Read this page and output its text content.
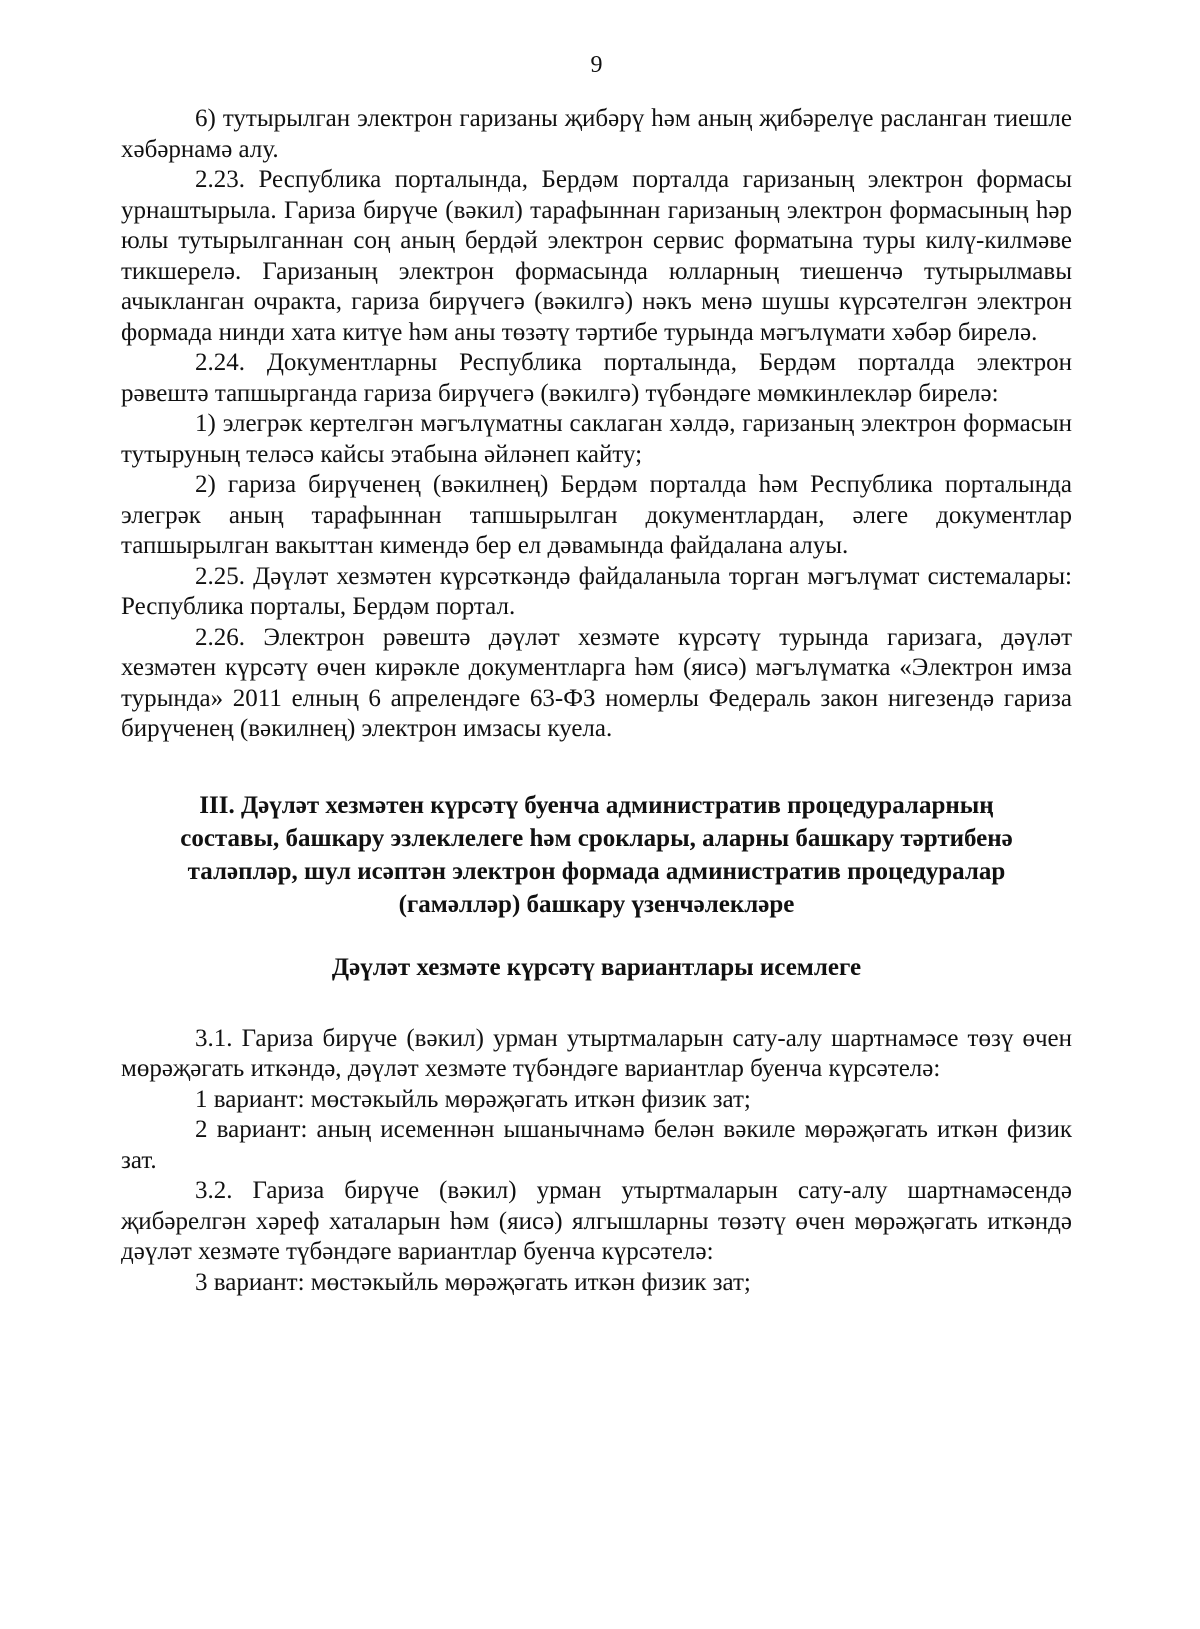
9

6) тутырылган электрон гаризаны җибәрү һәм аның җибәрелүе расланган тиешле хәбәрнамә алу.

2.23. Республика порталында, Бердәм порталда гаризаның электрон формасы урнаштырыла. Гариза бирүче (вәкил) тарафыннан гаризаның электрон формасының һәр юлы тутырылганнан соң аның бердәй электрон сервис форматына туры килү-килмәве тикшерелә. Гаризаның электрон формасында юлларның тиешенчә тутырылмавы ачыкланган очракта, гариза бирүчегә (вәкилгә) нәкъ менә шушы күрсәтелгән электрон формада нинди хата китүе һәм аны төзәтү тәртибе турында мәгълүмати хәбәр бирелә.

2.24. Документларны Республика порталында, Бердәм порталда электрон рәвештә тапшырганда гариза бирүчегә (вәкилгә) түбәндәге мөмкинлекләр бирелә:

1) элегрәк кертелгән мәгълүматны саклаган хәлдә, гаризаның электрон формасын тутыруның теләсә кайсы этабына әйләнеп кайту;

2) гариза бирүченең (вәкилнең) Бердәм порталда һәм Республика порталында элегрәк аның тарафыннан тапшырылган документлардан, әлеге документлар тапшырылган вакыттан кимендә бер ел дәвамында файдалана алуы.

2.25. Дәүләт хезмәтен күрсәткәндә файдаланыла торган мәгълүмат системалары: Республика порталы, Бердәм портал.

2.26. Электрон рәвештә дәүләт хезмәте күрсәтү турында гаризага, дәүләт хезмәтен күрсәтү өчен кирәкле документларга һәм (яисә) мәгълүматка «Электрон имза турында» 2011 елның 6 апрелендәге 63-ФЗ номерлы Федераль закон нигезендә гариза бирүченең (вәкилнең) электрон имзасы куела.

III. Дәүләт хезмәтен күрсәтү буенча административ процедураларның составы, башкару эзлеклелеге һәм сроклары, аларны башкару тәртибенә таләпләр, шул исәптән электрон формада административ процедуралар (гамәлләр) башкару үзенчәлекләре
Дәүләт хезмәте күрсәтү вариантлары исемлеге

3.1. Гариза бирүче (вәкил) урман утыртмаларын сату-алу шартнамәсе төзү өчен мөрәҗәгать иткәндә, дәүләт хезмәте түбәндәге вариантлар буенча күрсәтелә:

1 вариант: мөстәкыйль мөрәҗәгать иткән физик зат;

2 вариант: аның исеменнән ышанычнамә белән вәкиле мөрәҗәгать иткән физик зат.

3.2. Гариза бирүче (вәкил) урман утыртмаларын сату-алу шартнамәсендә җибәрелгән хәреф хаталарын һәм (яисә) ялгышларны төзәтү өчен мөрәҗәгать иткәндә дәүләт хезмәте түбәндәге вариантлар буенча күрсәтелә:

3 вариант: мөстәкыйль мөрәҗәгать иткән физик зат;
